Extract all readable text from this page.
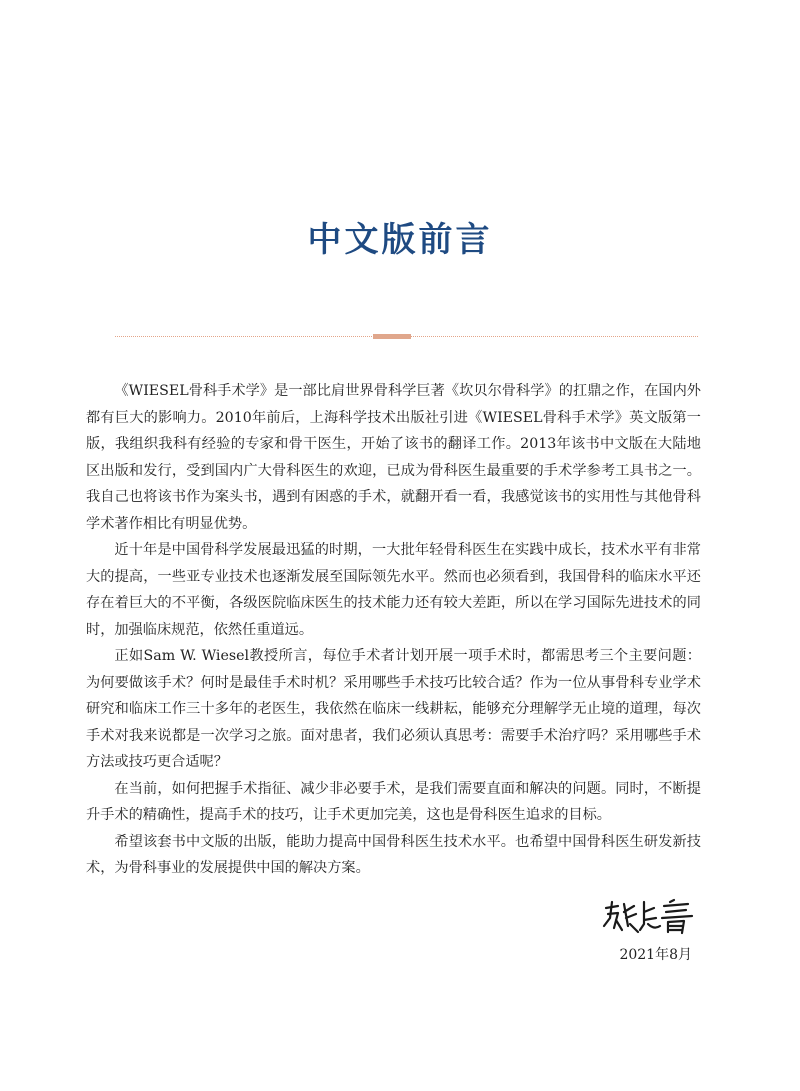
中文版前言

《WIESEL骨科手术学》是一部比肩世界骨科学巨著《坎贝尔骨科学》的扛鼎之作，在国内外都有巨大的影响力。2010年前后，上海科学技术出版社引进《WIESEL骨科手术学》英文版第一版，我组织我科有经验的专家和骨干医生，开始了该书的翻译工作。2013年该书中文版在大陆地区出版和发行，受到国内广大骨科医生的欢迎，已成为骨科医生最重要的手术学参考工具书之一。我自己也将该书作为案头书，遇到有困惑的手术，就翻开看一看，我感觉该书的实用性与其他骨科学术著作相比有明显优势。

近十年是中国骨科学发展最迅猛的时期，一大批年轻骨科医生在实践中成长，技术水平有非常大的提高，一些亚专业技术也逐渐发展至国际领先水平。然而也必须看到，我国骨科的临床水平还存在着巨大的不平衡，各级医院临床医生的技术能力还有较大差距，所以在学习国际先进技术的同时，加强临床规范，依然任重道远。

正如Sam W. Wiesel教授所言，每位手术者计划开展一项手术时，都需思考三个主要问题：为何要做该手术？何时是最佳手术时机？采用哪些手术技巧比较合适？作为一位从事骨科专业学术研究和临床工作三十多年的老医生，我依然在临床一线耕耘，能够充分理解学无止境的道理，每次手术对我来说都是一次学习之旅。面对患者，我们必须认真思考：需要手术治疗吗？采用哪些手术方法或技巧更合适呢？

在当前，如何把握手术指征、减少非必要手术，是我们需要直面和解决的问题。同时，不断提升手术的精确性，提高手术的技巧，让手术更加完美，这也是骨科医生追求的目标。

希望该套书中文版的出版，能助力提高中国骨科医生技术水平。也希望中国骨科医生研发新技术，为骨科事业的发展提供中国的解决方案。

2021年8月
